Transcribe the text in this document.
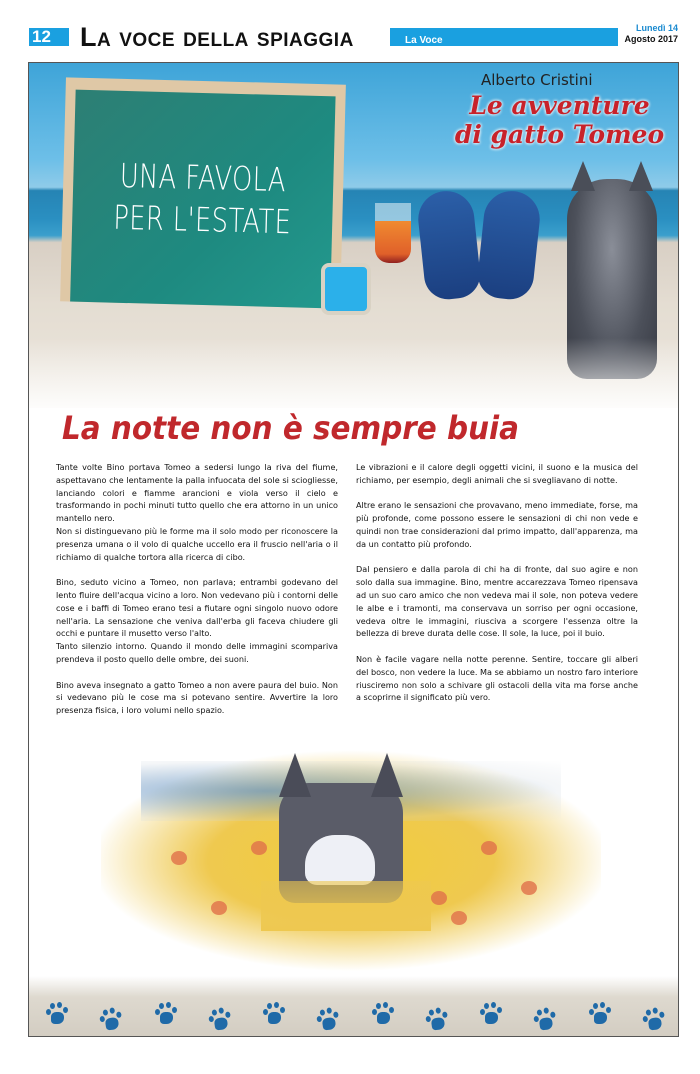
12	La voce della spiaggia	La Voce
Lunedì 14
Agosto 2017
UNA FAVOLA
PER L'ESTATE
Alberto Cristini
Le avventure
di gatto Tomeo
La notte non è sempre buia

Tante volte Bino portava Tomeo a sedersi lungo la riva del fiume, aspettavano che lentamente la palla infuocata del sole si sciogliesse, lanciando colori e fiamme arancioni e viola verso il cielo e trasformando in pochi minuti tutto quello che era attorno in un unico mantello nero.
Non si distinguevano più le forme ma il solo modo per riconoscere la presenza umana o il volo di qualche uccello era il fruscio nell'aria o il richiamo di qualche tortora alla ricerca di cibo.

Bino, seduto vicino a Tomeo, non parlava; entrambi godevano del lento fluire dell'acqua vicino a loro. Non vedevano più i contorni delle cose e i baffi di Tomeo erano tesi a fiutare ogni singolo nuovo odore nell'aria. La sensazione che veniva dall'erba gli faceva chiudere gli occhi e puntare il musetto verso l'alto.
Tanto silenzio intorno. Quando il mondo delle immagini scompariva prendeva il posto quello delle ombre, dei suoni.

Bino aveva insegnato a gatto Tomeo a non avere paura del buio. Non si vedevano più le cose ma si potevano sentire. Avvertire la loro presenza fisica, i loro volumi nello spazio.

Le vibrazioni e il calore degli oggetti vicini, il suono e la musica del richiamo, per esempio, degli animali che si svegliavano di notte.

Altre erano le sensazioni che provavano, meno immediate, forse, ma più profonde, come possono essere le sensazioni di chi non vede e quindi non trae considerazioni dal primo impatto, dall'apparenza, ma da un contatto più profondo.

Dal pensiero e dalla parola di chi ha di fronte, dal suo agire e non solo dalla sua immagine. Bino, mentre accarezzava Tomeo ripensava ad un suo caro amico che non vedeva mai il sole, non poteva vedere le albe e i tramonti, ma conservava un sorriso per ogni occasione, vedeva oltre le immagini, riusciva a scorgere l'essenza oltre la bellezza di breve durata delle cose. Il sole, la luce, poi il buio.

Non è facile vagare nella notte perenne. Sentire, toccare gli alberi del bosco, non vedere la luce. Ma se abbiamo un nostro faro interiore riusciremo non solo a schivare gli ostacoli della vita ma forse anche a scoprirne il significato più vero.
